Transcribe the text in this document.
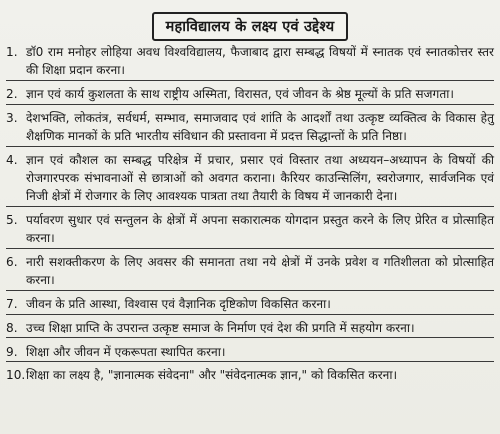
महाविद्यालय के लक्ष्य एवं उद्देश्य
1. डॉ0 राम मनोहर लोहिया अवध विश्वविद्यालय, फैजाबाद द्वारा सम्बद्ध विषयों में स्नातक एवं स्नातकोत्तर स्तर की शिक्षा प्रदान करना।
2. ज्ञान एवं कार्य कुशलता के साथ राष्ट्रीय अस्मिता, विरासत, एवं जीवन के श्रेष्ठ मूल्यों के प्रति सजगता।
3. देशभक्ति, लोकतंत्र, सर्वधर्म, सम्भाव, समाजवाद एवं शांति के आदर्शों तथा उत्कृष्ट व्यक्तित्व के विकास हेतु शैक्षणिक मानकों के प्रति भारतीय संविधान की प्रस्तावना में प्रदत्त सिद्धान्तों के प्रति निष्ठा।
4. ज्ञान एवं कौशल का सम्बद्ध परिक्षेत्र में प्रचार, प्रसार एवं विस्तार तथा अध्ययन–अध्यापन के विषयों की रोजगारपरक संभावनाओं से छात्राओं को अवगत कराना। कैरियर काउन्सिलिंग, स्वरोजगार, सार्वजनिक एवं निजी क्षेत्रों में रोजगार के लिए आवश्यक पात्रता तथा तैयारी के विषय में जानकारी देना।
5. पर्यावरण सुधार एवं सन्तुलन के क्षेत्रों में अपना सकारात्मक योगदान प्रस्तुत करने के लिए प्रेरित व प्रोत्साहित करना।
6. नारी सशक्तीकरण के लिए अवसर की समानता तथा नये क्षेत्रों में उनके प्रवेश व गतिशीलता को प्रोत्साहित करना।
7. जीवन के प्रति आस्था, विश्वास एवं वैज्ञानिक दृष्टिकोण विकसित करना।
8. उच्च शिक्षा प्राप्ति के उपरान्त उत्कृष्ट समाज के निर्माण एवं देश की प्रगति में सहयोग करना।
9. शिक्षा और जीवन में एकरूपता स्थापित करना।
10. शिक्षा का लक्ष्य है, "ज्ञानात्मक संवेदना" और "संवेदनात्मक ज्ञान," को विकसित करना।
